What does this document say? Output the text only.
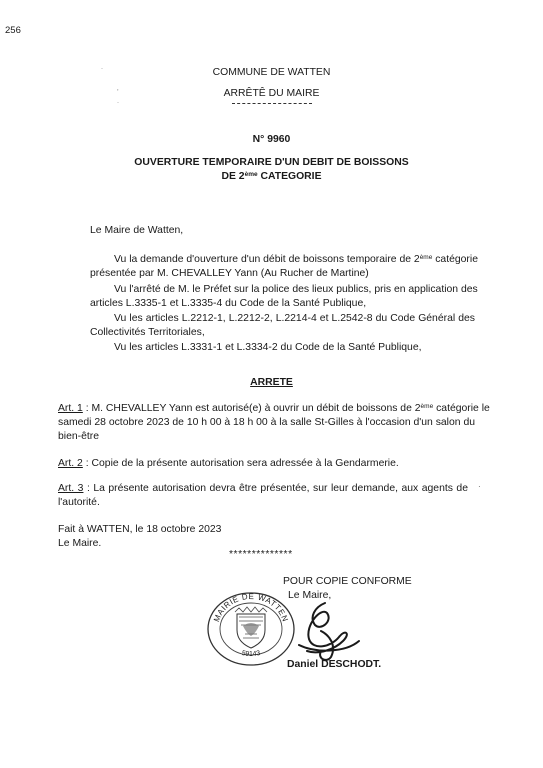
256
·
,
·
COMMUNE DE WATTEN
ARRÊTÊ DU MAIRE
N° 9960
OUVERTURE TEMPORAIRE D'UN DEBIT DE BOISSONS
DE 2ème CATEGORIE
Le Maire de Watten,
Vu la demande d'ouverture d'un débit de boissons temporaire de 2ème catégorie
présentée par M. CHEVALLEY Yann (Au Rucher de Martine)
Vu l'arrêté de M. le Préfet sur la police des lieux publics, pris en application des
articles L.3335-1 et L.3335-4 du Code de la Santé Publique,
Vu les articles L.2212-1, L.2212-2, L.2214-4 et L.2542-8 du Code Général des
Collectivités Territoriales,
Vu les articles L.3331-1 et L.3334-2 du Code de la Santé Publique,
ARRETE
Art. 1 : M. CHEVALLEY Yann est autorisé(e) à ouvrir un débit de boissons de 2ème catégorie le
samedi 28 octobre 2023 de 10 h 00 à 18 h 00 à la salle St-Gilles à l'occasion d'un salon du
bien-être
Art. 2 : Copie de la présente autorisation sera adressée à la Gendarmerie.
Art. 3 : La présente autorisation devra être présentée, sur leur demande, aux agents de
l'autorité.
·
Fait à WATTEN, le 18 octobre 2023
Le Maire.
**************
POUR COPIE CONFORME
Le Maire,
MAIRIE DE WATTEN
59143
Daniel DESCHODT.
